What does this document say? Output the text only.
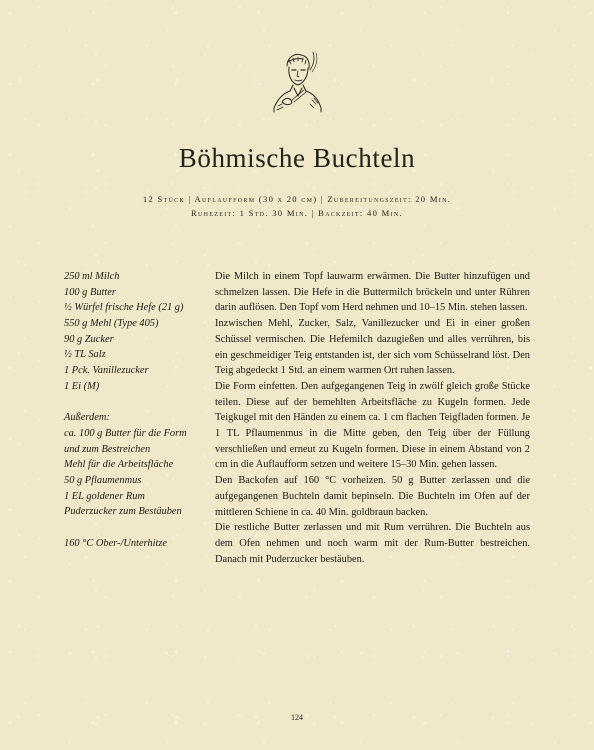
Böhmische Buchteln
12 Stück | Auflaufform (30 x 20 cm) | Zubereitungszeit: 20 Min.
Ruhezeit: 1 Std. 30 Min. | Backzeit: 40 Min.
250 ml Milch
100 g Butter
½ Würfel frische Hefe (21 g)
550 g Mehl (Type 405)
90 g Zucker
½ TL Salz
1 Pck. Vanillezucker
1 Ei (M)
Außerdem:
ca. 100 g Butter für die Form
und zum Bestreichen
Mehl für die Arbeitsfläche
50 g Pflaumenmus
1 EL goldener Rum
Puderzucker zum Bestäuben
160 °C Ober-/Unterhitze

Die Milch in einem Topf lauwarm erwärmen. Die Butter hinzufügen und schmelzen lassen. Die Hefe in die Buttermilch bröckeln und unter Rühren darin auflösen. Den Topf vom Herd nehmen und 10–15 Min. stehen lassen.

Inzwischen Mehl, Zucker, Salz, Vanillezucker und Ei in einer großen Schüssel vermischen. Die Hefemilch dazugießen und alles verrühren, bis ein geschmeidiger Teig entstanden ist, der sich vom Schüsselrand löst. Den Teig abgedeckt 1 Std. an einem warmen Ort ruhen lassen.

Die Form einfetten. Den aufgegangenen Teig in zwölf gleich große Stücke teilen. Diese auf der bemehlten Arbeitsfläche zu Kugeln formen. Jede Teigkugel mit den Händen zu einem ca. 1 cm flachen Teigfladen formen. Je 1 TL Pflaumenmus in die Mitte geben, den Teig über der Füllung verschließen und erneut zu Kugeln formen. Diese in einem Abstand von 2 cm in die Auflaufform setzen und weitere 15–30 Min. gehen lassen.

Den Backofen auf 160 °C vorheizen. 50 g Butter zerlassen und die aufgegangenen Buchteln damit bepinseln. Die Buchteln im Ofen auf der mittleren Schiene in ca. 40 Min. goldbraun backen.

Die restliche Butter zerlassen und mit Rum verrühren. Die Buchteln aus dem Ofen nehmen und noch warm mit der Rum-Butter bestreichen. Danach mit Puderzucker bestäuben.

124
